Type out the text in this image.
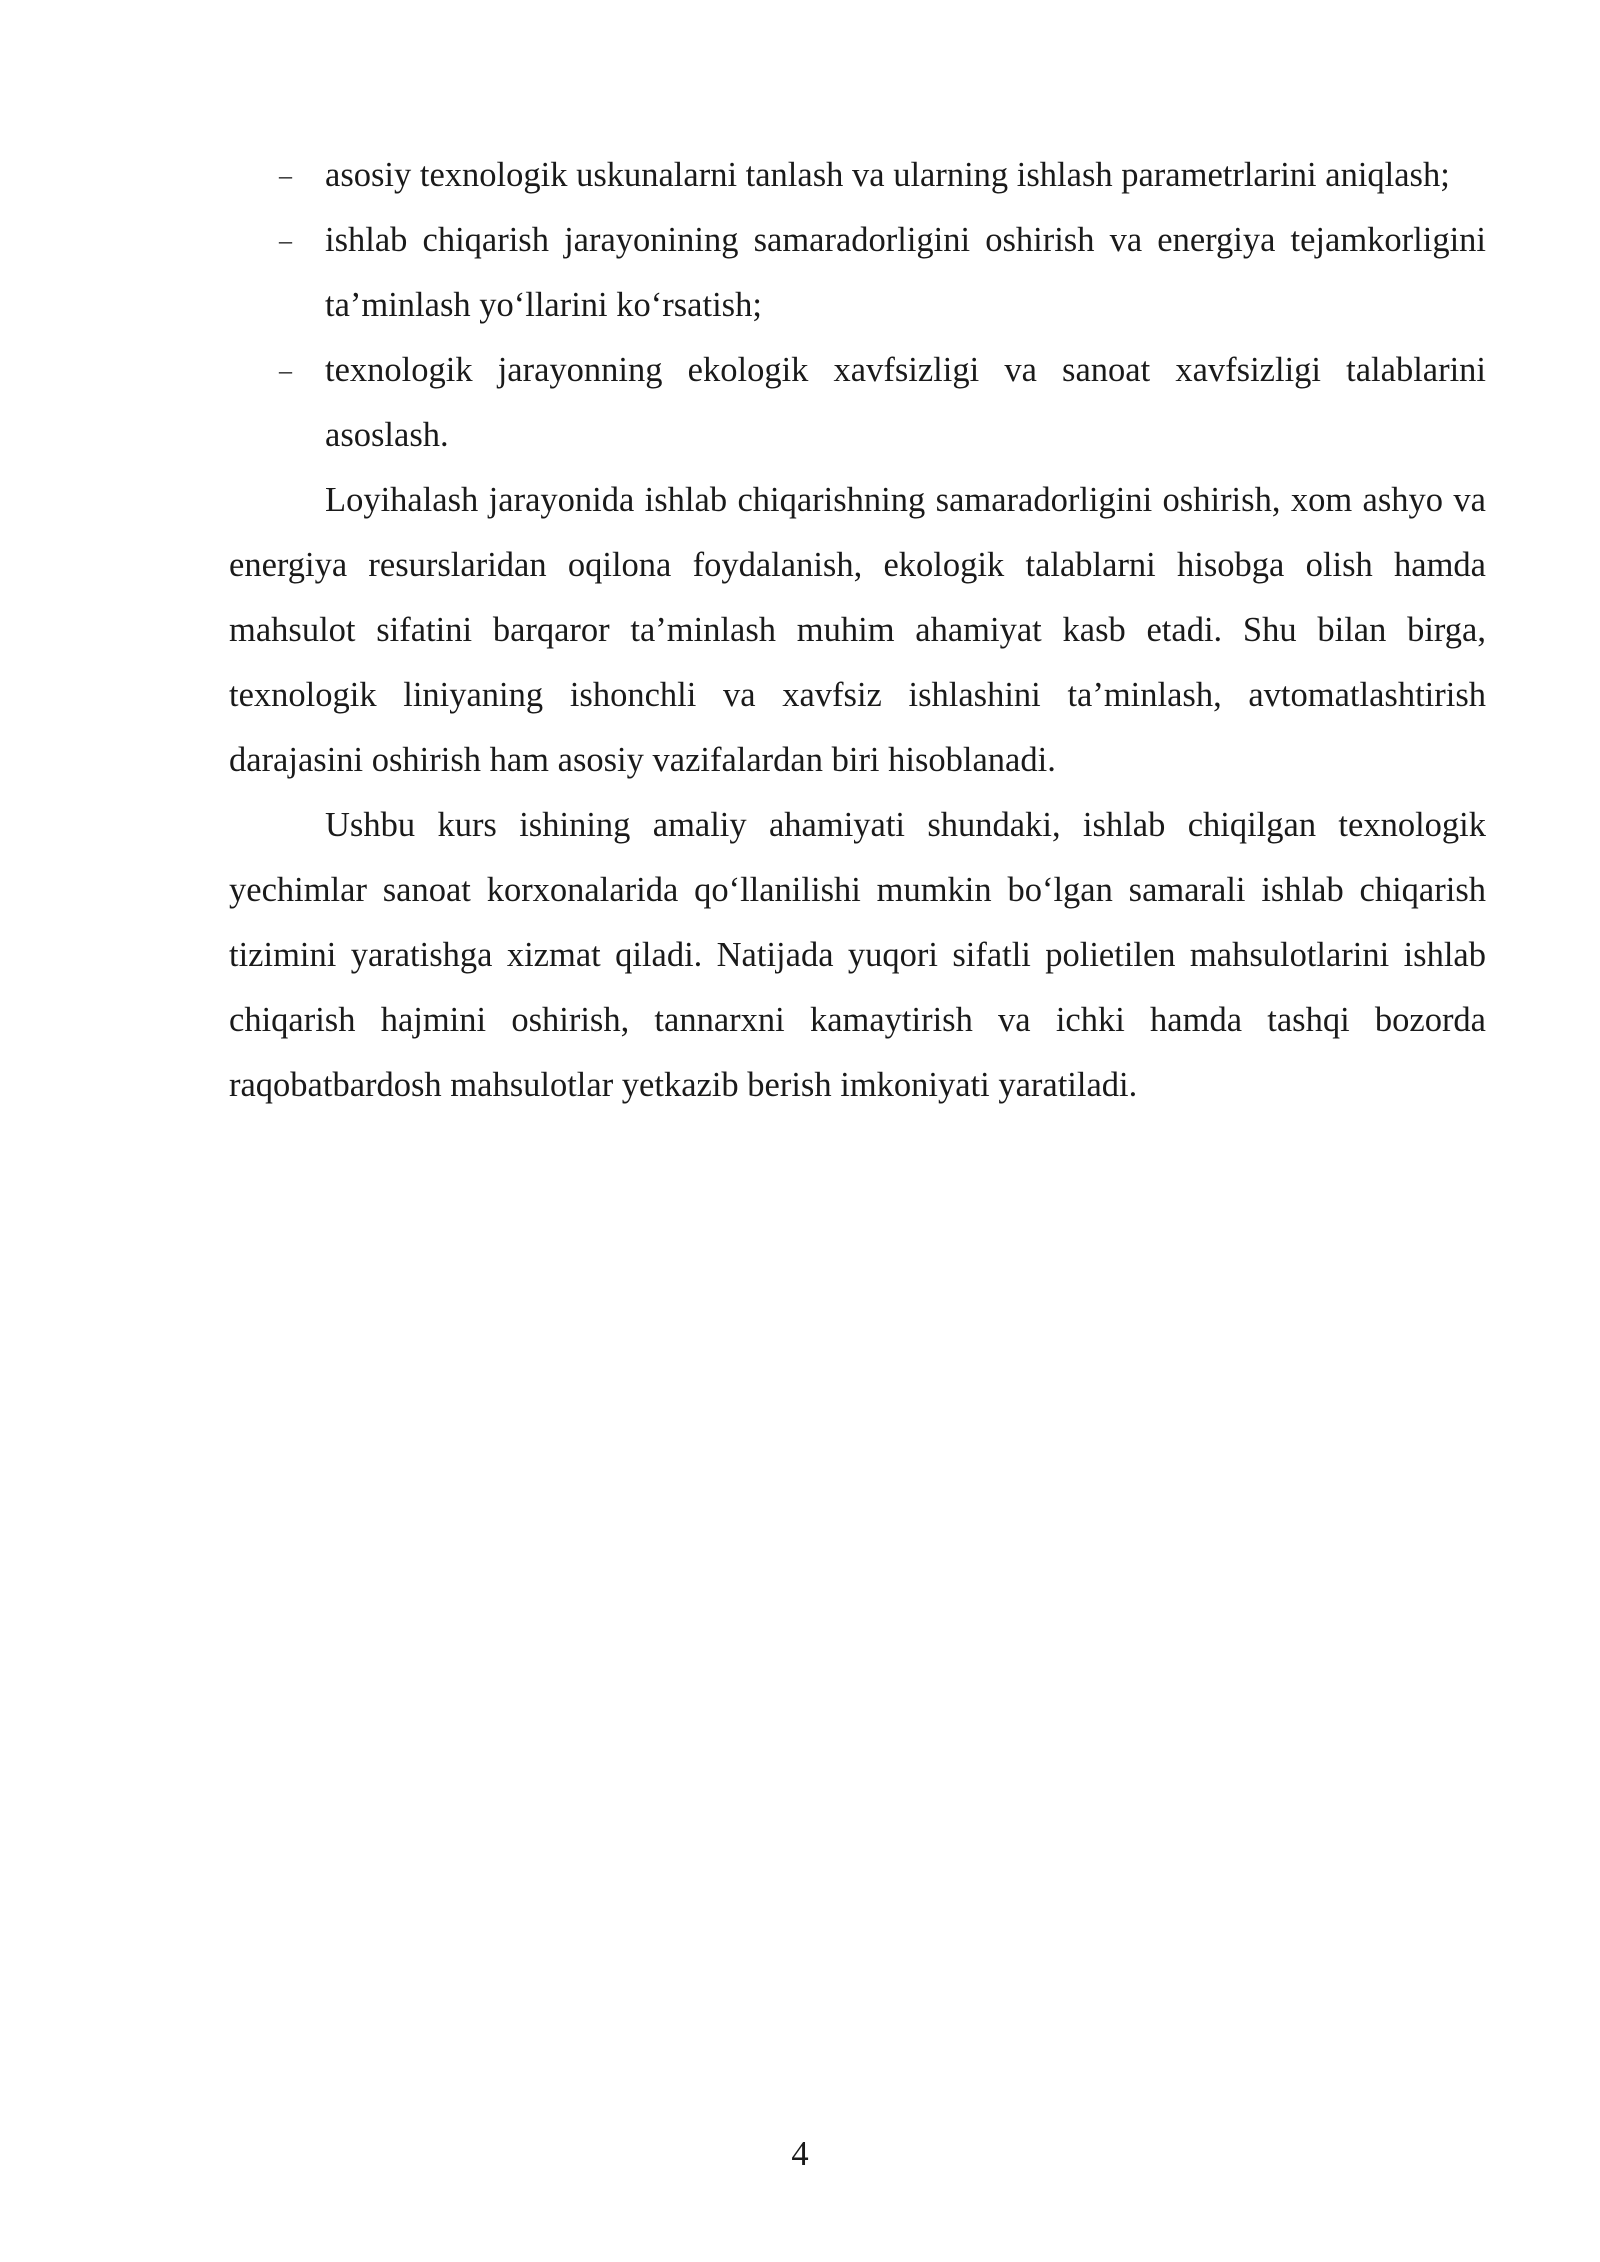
– asosiy texnologik uskunalarni tanlash va ularning ishlash parametrlarini aniqlash;
– ishlab chiqarish jarayonining samaradorligini oshirish va energiya tejamkorligini ta’minlash yo‘llarini ko‘rsatish;
– texnologik jarayonning ekologik xavfsizligi va sanoat xavfsizligi talablarini asoslash.

Loyihalash jarayonida ishlab chiqarishning samaradorligini oshirish, xom ashyo va energiya resurslaridan oqilona foydalanish, ekologik talablarni hisobga olish hamda mahsulot sifatini barqaror ta’minlash muhim ahamiyat kasb etadi. Shu bilan birga, texnologik liniyaning ishonchli va xavfsiz ishlashini ta’minlash, avtomatlashtirish darajasini oshirish ham asosiy vazifalardan biri hisoblanadi.

Ushbu kurs ishining amaliy ahamiyati shundaki, ishlab chiqilgan texnologik yechimlar sanoat korxonalarida qo‘llanilishi mumkin bo‘lgan samarali ishlab chiqarish tizimini yaratishga xizmat qiladi. Natijada yuqori sifatli polietilen mahsulotlarini ishlab chiqarish hajmini oshirish, tannarxni kamaytirish va ichki hamda tashqi bozorda raqobatbardosh mahsulotlar yetkazib berish imkoniyati yaratiladi.

4
